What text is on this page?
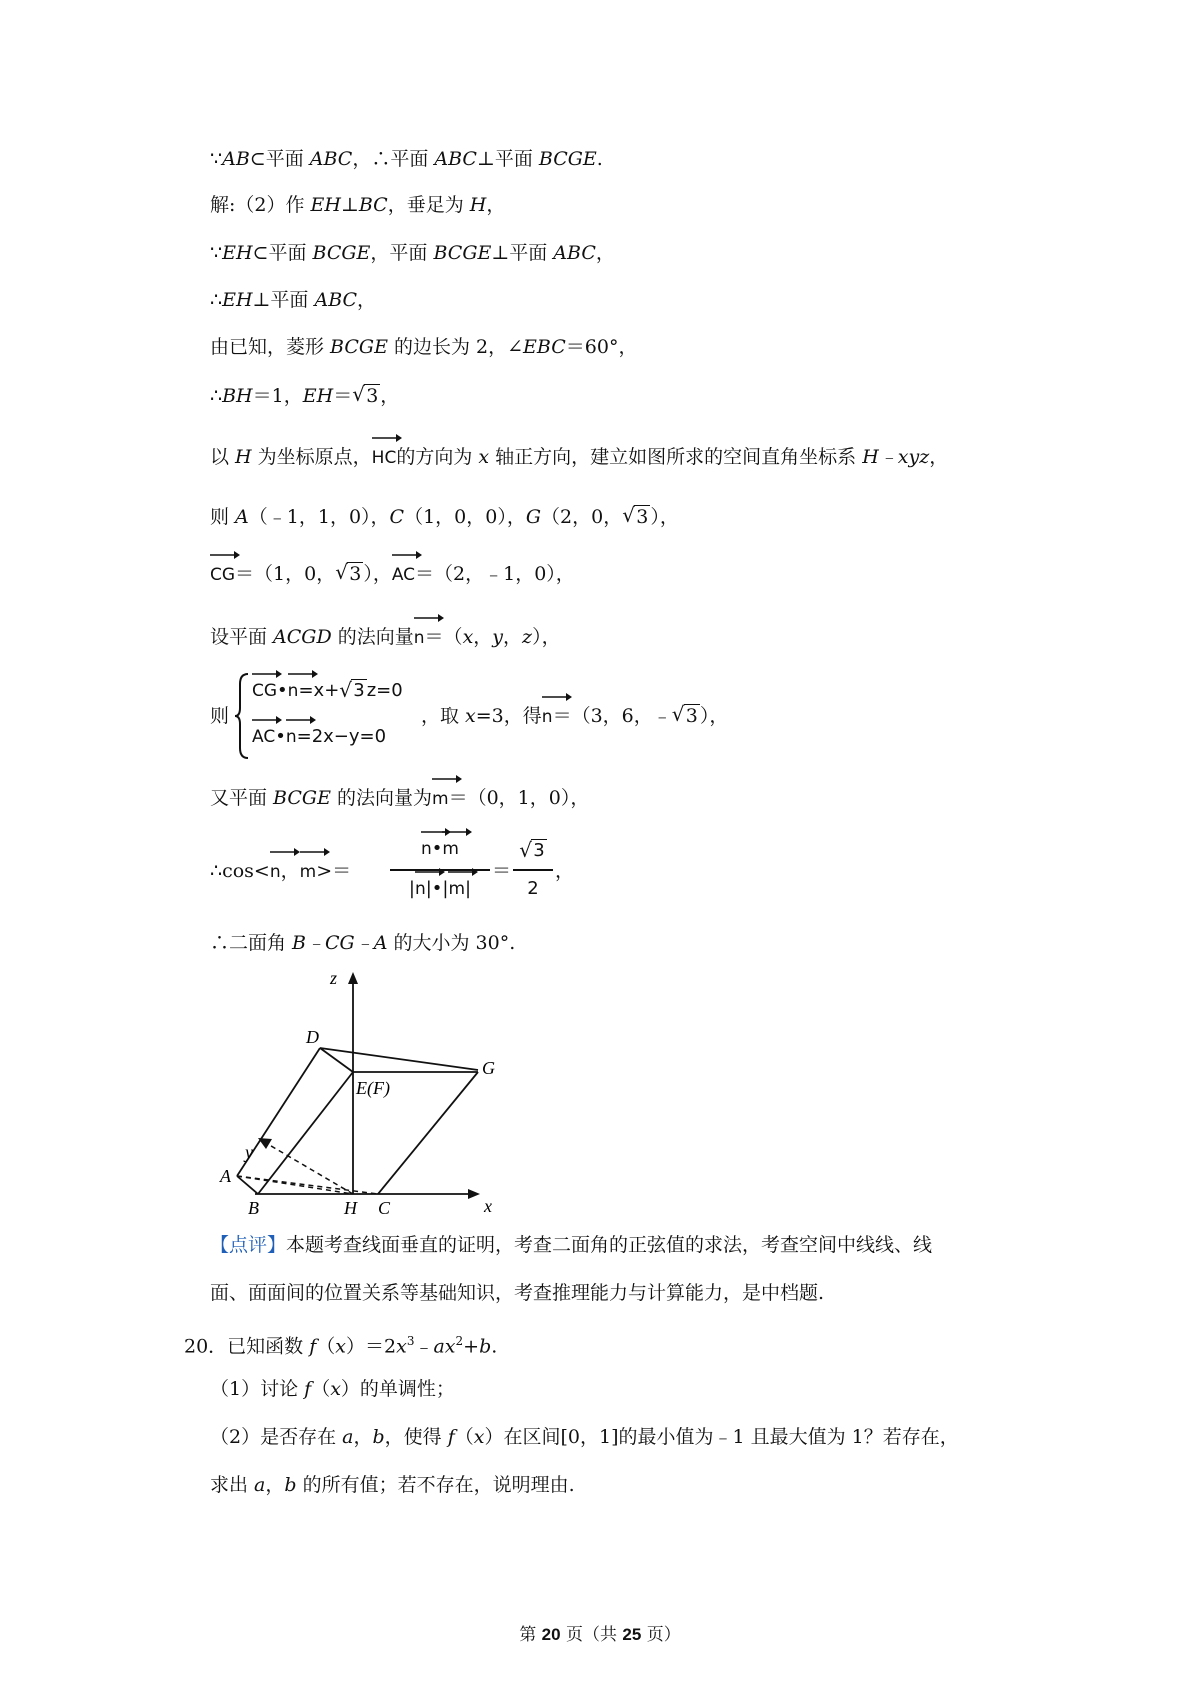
∵AB⊂平面 ABC，∴平面 ABC⊥平面 BCGE.
解:（2）作 EH⊥BC，垂足为 H，
∵EH⊂平面 BCGE，平面 BCGE⊥平面 ABC，
∴EH⊥平面 ABC，
由已知，菱形 BCGE 的边长为 2，∠EBC＝60°，
∴BH＝1，EH＝ √ 3 ，
以 H 为坐标原点，
HC的方向为 x 轴正方向，建立如图所求的空间直角坐标系 H﹣xyz，
则 A（﹣1，1，0），C（1，0，0），G（2，0， √ 3 ），
CG＝（1，0， √ 3 ），
AC＝（2，﹣1，0），
设平面 ACGD 的法向量
n＝（x，y，z），
则
CG•
n=x+ √ 3 z=0
AC•
n=2x−y=0
，取 x=3，得
n＝（3，6，﹣ √ 3 ），
又平面 BCGE 的法向量为
m＝（0，1，0），
∴cos<
n，
m>＝
n•
m
|
n|•|
m|
＝
√ 3
2
，
∴二面角 B﹣CG﹣A 的大小为 30°.
z
x
y
D
G
E(F)
A
B	H C
【点评】本题考查线面垂直的证明，考查二面角的正弦值的求法，考查空间中线线、线
面、面面间的位置关系等基础知识，考查推理能力与计算能力，是中档题.
20．已知函数 $f(x)=2x^3﹣ax^2+b$.
（1）讨论 f（x）的单调性；
（2）是否存在 a，b，使得 f（x）在区间[0，1]的最小值为﹣1 且最大值为 1？若存在，
求出 a，b 的所有值；若不存在，说明理由.
第 20 页（共 25 页）
